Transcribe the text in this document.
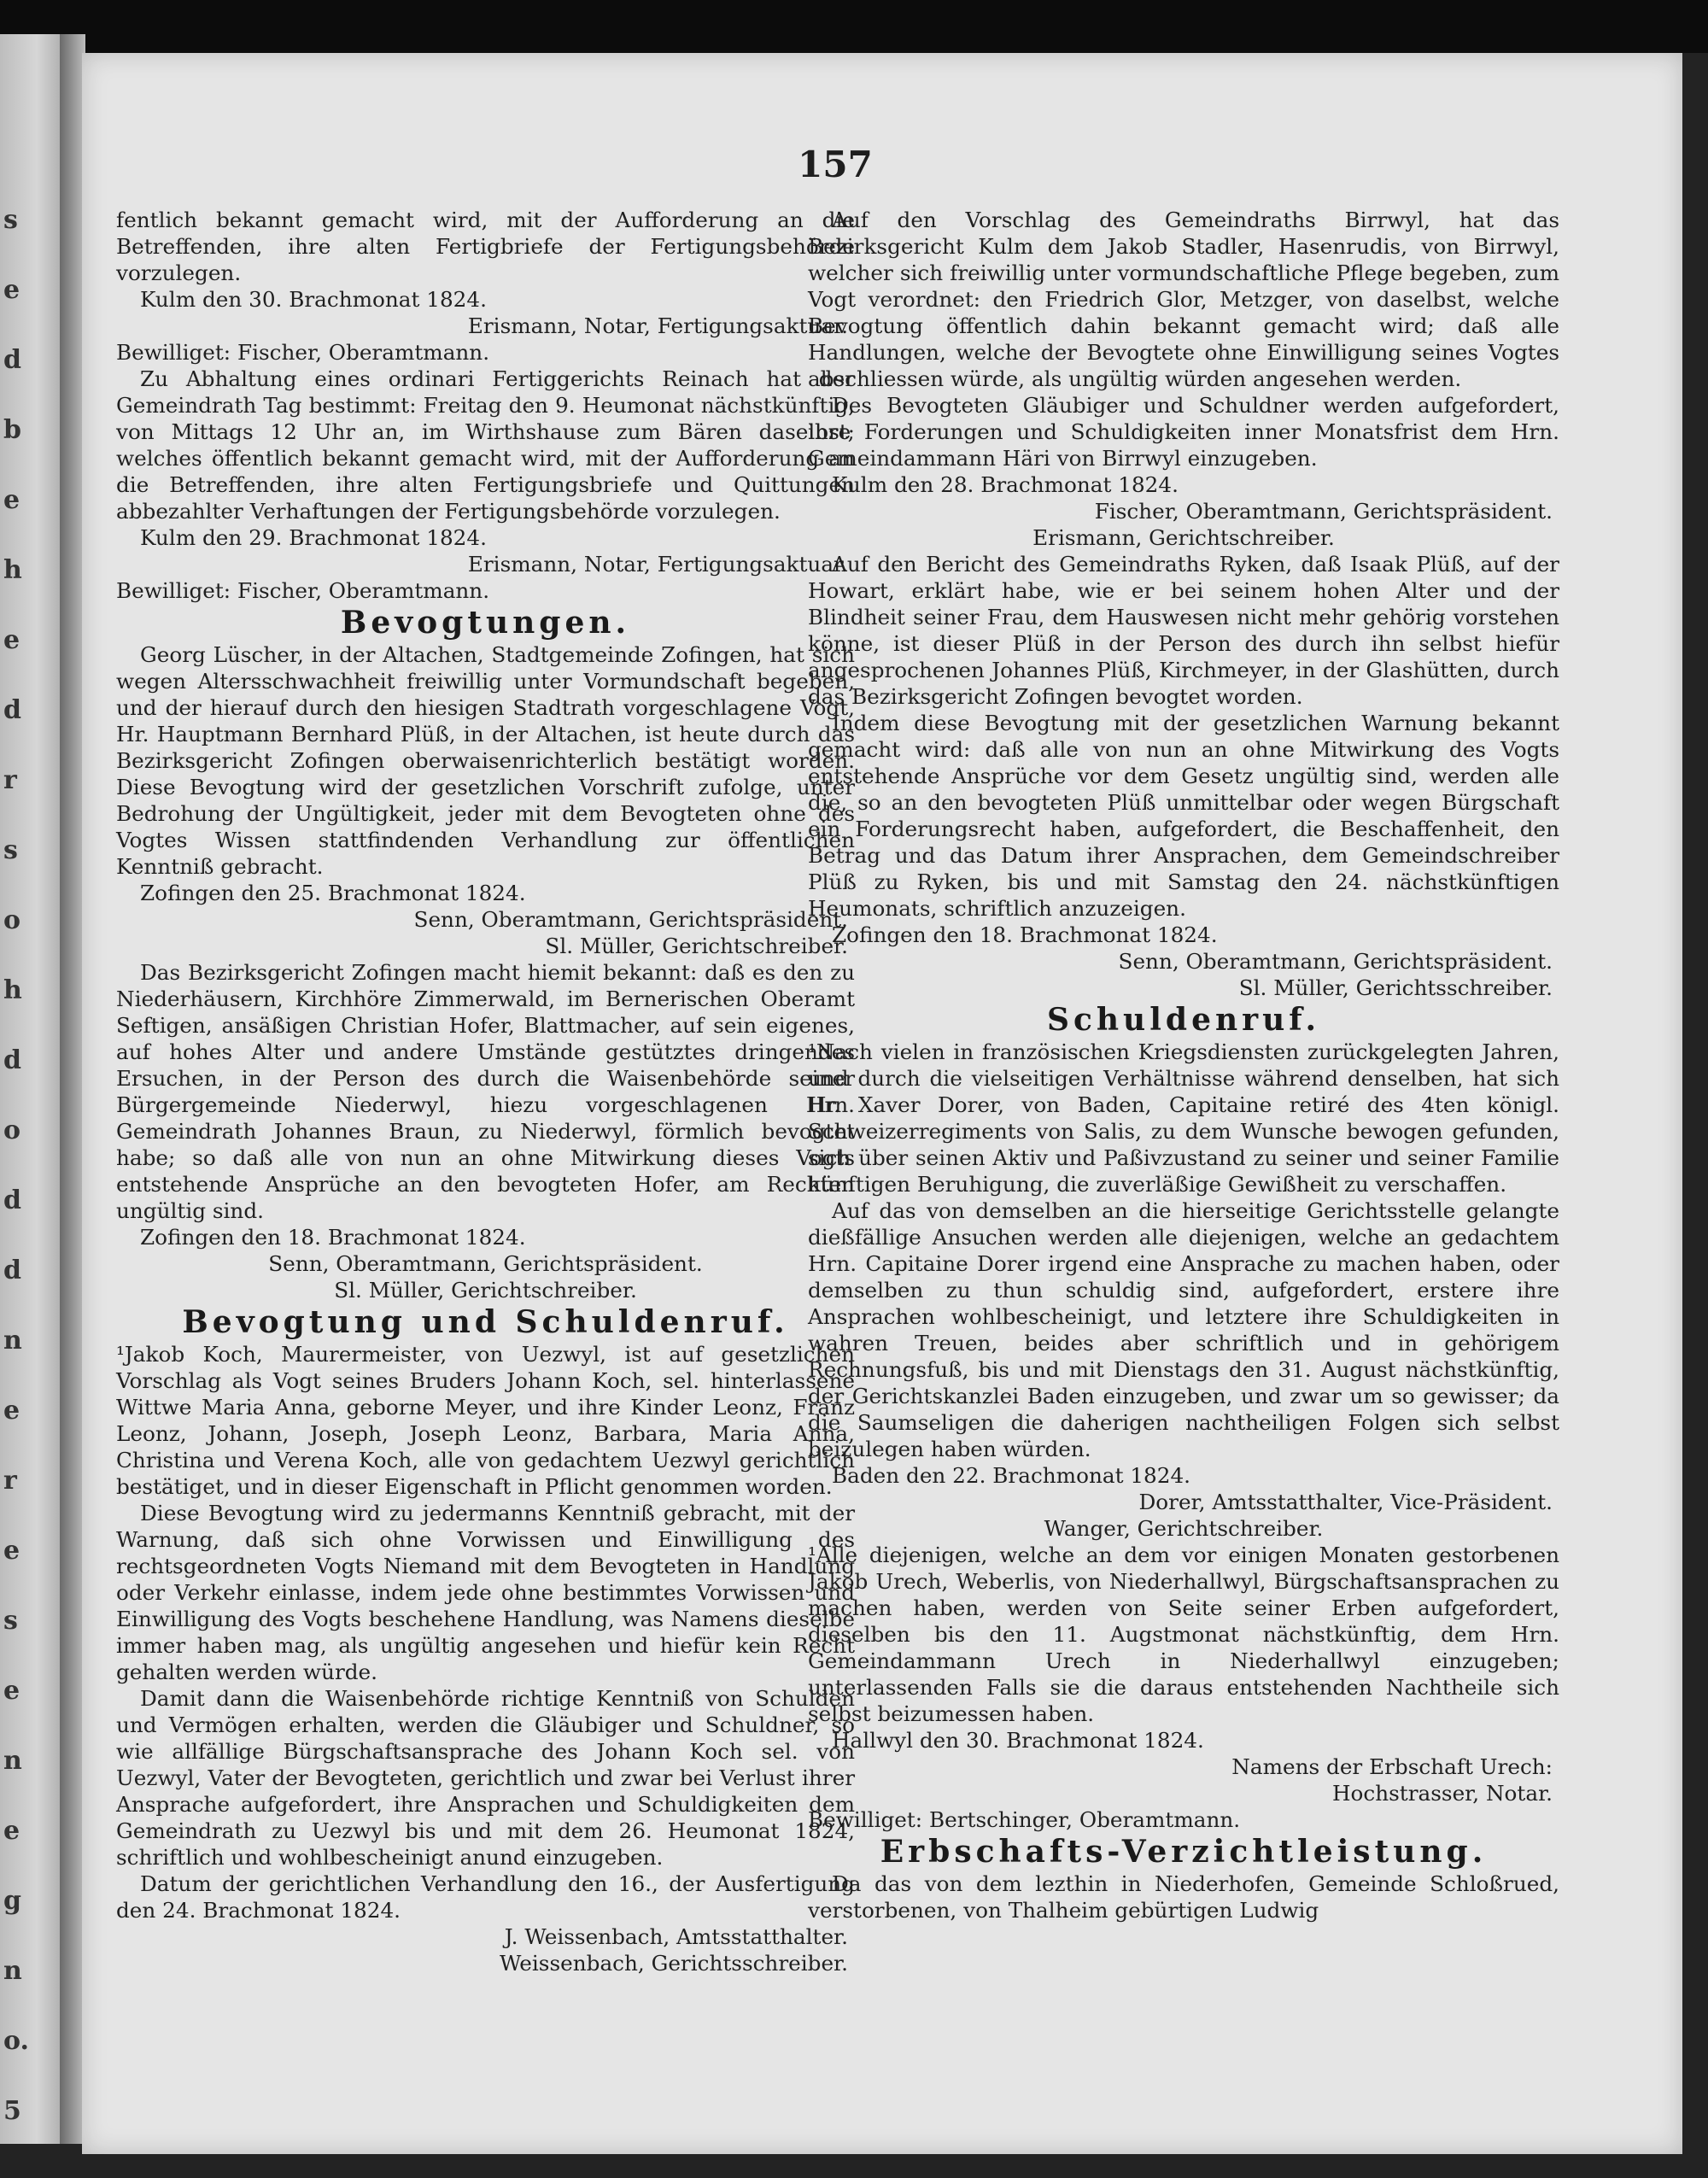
s
e
d
b
e
h
e
d
r
s
o
h
d
o
d
d
n
e
r
e
s
e
n
e
g
n
o.
5
157

fentlich bekannt gemacht wird, mit der Aufforderung an die Betreffenden, ihre alten Fertigbriefe der Fertigungsbehörde vorzulegen.

Kulm den 30. Brachmonat 1824.

Erismann, Notar, Fertigungsaktuar.

Bewilliget: Fischer, Oberamtmann.

Zu Abhaltung eines ordinari Fertiggerichts Reinach hat der Gemeindrath Tag bestimmt: Freitag den 9. Heumonat nächstkünftig, von Mittags 12 Uhr an, im Wirthshause zum Bären daselbst; welches öffentlich bekannt gemacht wird, mit der Aufforderung an die Betreffenden, ihre alten Fertigungsbriefe und Quittungen abbezahlter Verhaftungen der Fertigungsbehörde vorzulegen.

Kulm den 29. Brachmonat 1824.

Erismann, Notar, Fertigungsaktuar.

Bewilliget: Fischer, Oberamtmann.

Bevogtungen.

Georg Lüscher, in der Altachen, Stadtgemeinde Zofingen, hat sich wegen Altersschwachheit freiwillig unter Vormundschaft begeben, und der hierauf durch den hiesigen Stadtrath vorgeschlagene Vogt, Hr. Hauptmann Bernhard Plüß, in der Altachen, ist heute durch das Bezirksgericht Zofingen oberwaisenrichterlich bestätigt worden. Diese Bevogtung wird der gesetzlichen Vorschrift zufolge, unter Bedrohung der Ungültigkeit, jeder mit dem Bevogteten ohne des Vogtes Wissen stattfindenden Verhandlung zur öffentlichen Kenntniß gebracht.

Zofingen den 25. Brachmonat 1824.

Senn, Oberamtmann, Gerichtspräsident.

Sl. Müller, Gerichtschreiber.

Das Bezirksgericht Zofingen macht hiemit bekannt: daß es den zu Niederhäusern, Kirchhöre Zimmerwald, im Bernerischen Oberamt Seftigen, ansäßigen Christian Hofer, Blattmacher, auf sein eigenes, auf hohes Alter und andere Umstände gestütztes dringendes Ersuchen, in der Person des durch die Waisenbehörde seiner Bürgergemeinde Niederwyl, hiezu vorgeschlagenen Hrn. Gemeindrath Johannes Braun, zu Niederwyl, förmlich bevogtet habe; so daß alle von nun an ohne Mitwirkung dieses Vogts entstehende Ansprüche an den bevogteten Hofer, am Rechten ungültig sind.

Zofingen den 18. Brachmonat 1824.

Senn, Oberamtmann, Gerichtspräsident.

Sl. Müller, Gerichtschreiber.

Bevogtung und Schuldenruf.

¹Jakob Koch, Maurermeister, von Uezwyl, ist auf gesetzlichen Vorschlag als Vogt seines Bruders Johann Koch, sel. hinterlassene Wittwe Maria Anna, geborne Meyer, und ihre Kinder Leonz, Franz Leonz, Johann, Joseph, Joseph Leonz, Barbara, Maria Anna, Christina und Verena Koch, alle von gedachtem Uezwyl gerichtlich bestätiget, und in dieser Eigenschaft in Pflicht genommen worden.

Diese Bevogtung wird zu jedermanns Kenntniß gebracht, mit der Warnung, daß sich ohne Vorwissen und Einwilligung des rechtsgeordneten Vogts Niemand mit dem Bevogteten in Handlung oder Verkehr einlasse, indem jede ohne bestimmtes Vorwissen und Einwilligung des Vogts beschehene Handlung, was Namens dieselbe immer haben mag, als ungültig angesehen und hiefür kein Recht gehalten werden würde.

Damit dann die Waisenbehörde richtige Kenntniß von Schulden und Vermögen erhalten, werden die Gläubiger und Schuldner, so wie allfällige Bürgschaftsansprache des Johann Koch sel. von Uezwyl, Vater der Bevogteten, gerichtlich und zwar bei Verlust ihrer Ansprache aufgefordert, ihre Ansprachen und Schuldigkeiten dem Gemeindrath zu Uezwyl bis und mit dem 26. Heumonat 1824, schriftlich und wohlbescheinigt anund einzugeben.

Datum der gerichtlichen Verhandlung den 16., der Ausfertigung den 24. Brachmonat 1824.

J. Weissenbach, Amtsstatthalter.

Weissenbach, Gerichtsschreiber.

Auf den Vorschlag des Gemeindraths Birrwyl, hat das Bezirksgericht Kulm dem Jakob Stadler, Hasenrudis, von Birrwyl, welcher sich freiwillig unter vormundschaftliche Pflege begeben, zum Vogt verordnet: den Friedrich Glor, Metzger, von daselbst, welche Bevogtung öffentlich dahin bekannt gemacht wird; daß alle Handlungen, welche der Bevogtete ohne Einwilligung seines Vogtes abschliessen würde, als ungültig würden angesehen werden.

Des Bevogteten Gläubiger und Schuldner werden aufgefordert, ihre Forderungen und Schuldigkeiten inner Monatsfrist dem Hrn. Gemeindammann Häri von Birrwyl einzugeben.

Kulm den 28. Brachmonat 1824.

Fischer, Oberamtmann, Gerichtspräsident.

Erismann, Gerichtschreiber.

Auf den Bericht des Gemeindraths Ryken, daß Isaak Plüß, auf der Howart, erklärt habe, wie er bei seinem hohen Alter und der Blindheit seiner Frau, dem Hauswesen nicht mehr gehörig vorstehen könne, ist dieser Plüß in der Person des durch ihn selbst hiefür angesprochenen Johannes Plüß, Kirchmeyer, in der Glashütten, durch das Bezirksgericht Zofingen bevogtet worden.

Indem diese Bevogtung mit der gesetzlichen Warnung bekannt gemacht wird: daß alle von nun an ohne Mitwirkung des Vogts entstehende Ansprüche vor dem Gesetz ungültig sind, werden alle die, so an den bevogteten Plüß unmittelbar oder wegen Bürgschaft ein Forderungsrecht haben, aufgefordert, die Beschaffenheit, den Betrag und das Datum ihrer Ansprachen, dem Gemeindschreiber Plüß zu Ryken, bis und mit Samstag den 24. nächstkünftigen Heumonats, schriftlich anzuzeigen.

Zofingen den 18. Brachmonat 1824.

Senn, Oberamtmann, Gerichtspräsident.

Sl. Müller, Gerichtsschreiber.

Schuldenruf.

¹Nach vielen in französischen Kriegsdiensten zurückgelegten Jahren, und durch die vielseitigen Verhältnisse während denselben, hat sich Hr. Xaver Dorer, von Baden, Capitaine retiré des 4ten königl. Schweizerregiments von Salis, zu dem Wunsche bewogen gefunden, sich über seinen Aktiv und Paßivzustand zu seiner und seiner Familie künftigen Beruhigung, die zuverläßige Gewißheit zu verschaffen.

Auf das von demselben an die hierseitige Gerichtsstelle gelangte dießfällige Ansuchen werden alle diejenigen, welche an gedachtem Hrn. Capitaine Dorer irgend eine Ansprache zu machen haben, oder demselben zu thun schuldig sind, aufgefordert, erstere ihre Ansprachen wohlbescheinigt, und letztere ihre Schuldigkeiten in wahren Treuen, beides aber schriftlich und in gehörigem Rechnungsfuß, bis und mit Dienstags den 31. August nächstkünftig, der Gerichtskanzlei Baden einzugeben, und zwar um so gewisser; da die Saumseligen die daherigen nachtheiligen Folgen sich selbst beizulegen haben würden.

Baden den 22. Brachmonat 1824.

Dorer, Amtsstatthalter, Vice-Präsident.

Wanger, Gerichtschreiber.

¹Alle diejenigen, welche an dem vor einigen Monaten gestorbenen Jakob Urech, Weberlis, von Niederhallwyl, Bürgschaftsansprachen zu machen haben, werden von Seite seiner Erben aufgefordert, dieselben bis den 11. Augstmonat nächstkünftig, dem Hrn. Gemeindammann Urech in Niederhallwyl einzugeben; unterlassenden Falls sie die daraus entstehenden Nachtheile sich selbst beizumessen haben.

Hallwyl den 30. Brachmonat 1824.

Namens der Erbschaft Urech:

Hochstrasser, Notar.

Bewilliget: Bertschinger, Oberamtmann.

Erbschafts-Verzichtleistung.

Da das von dem lezthin in Niederhofen, Gemeinde Schloßrued, verstorbenen, von Thalheim gebürtigen Ludwig
